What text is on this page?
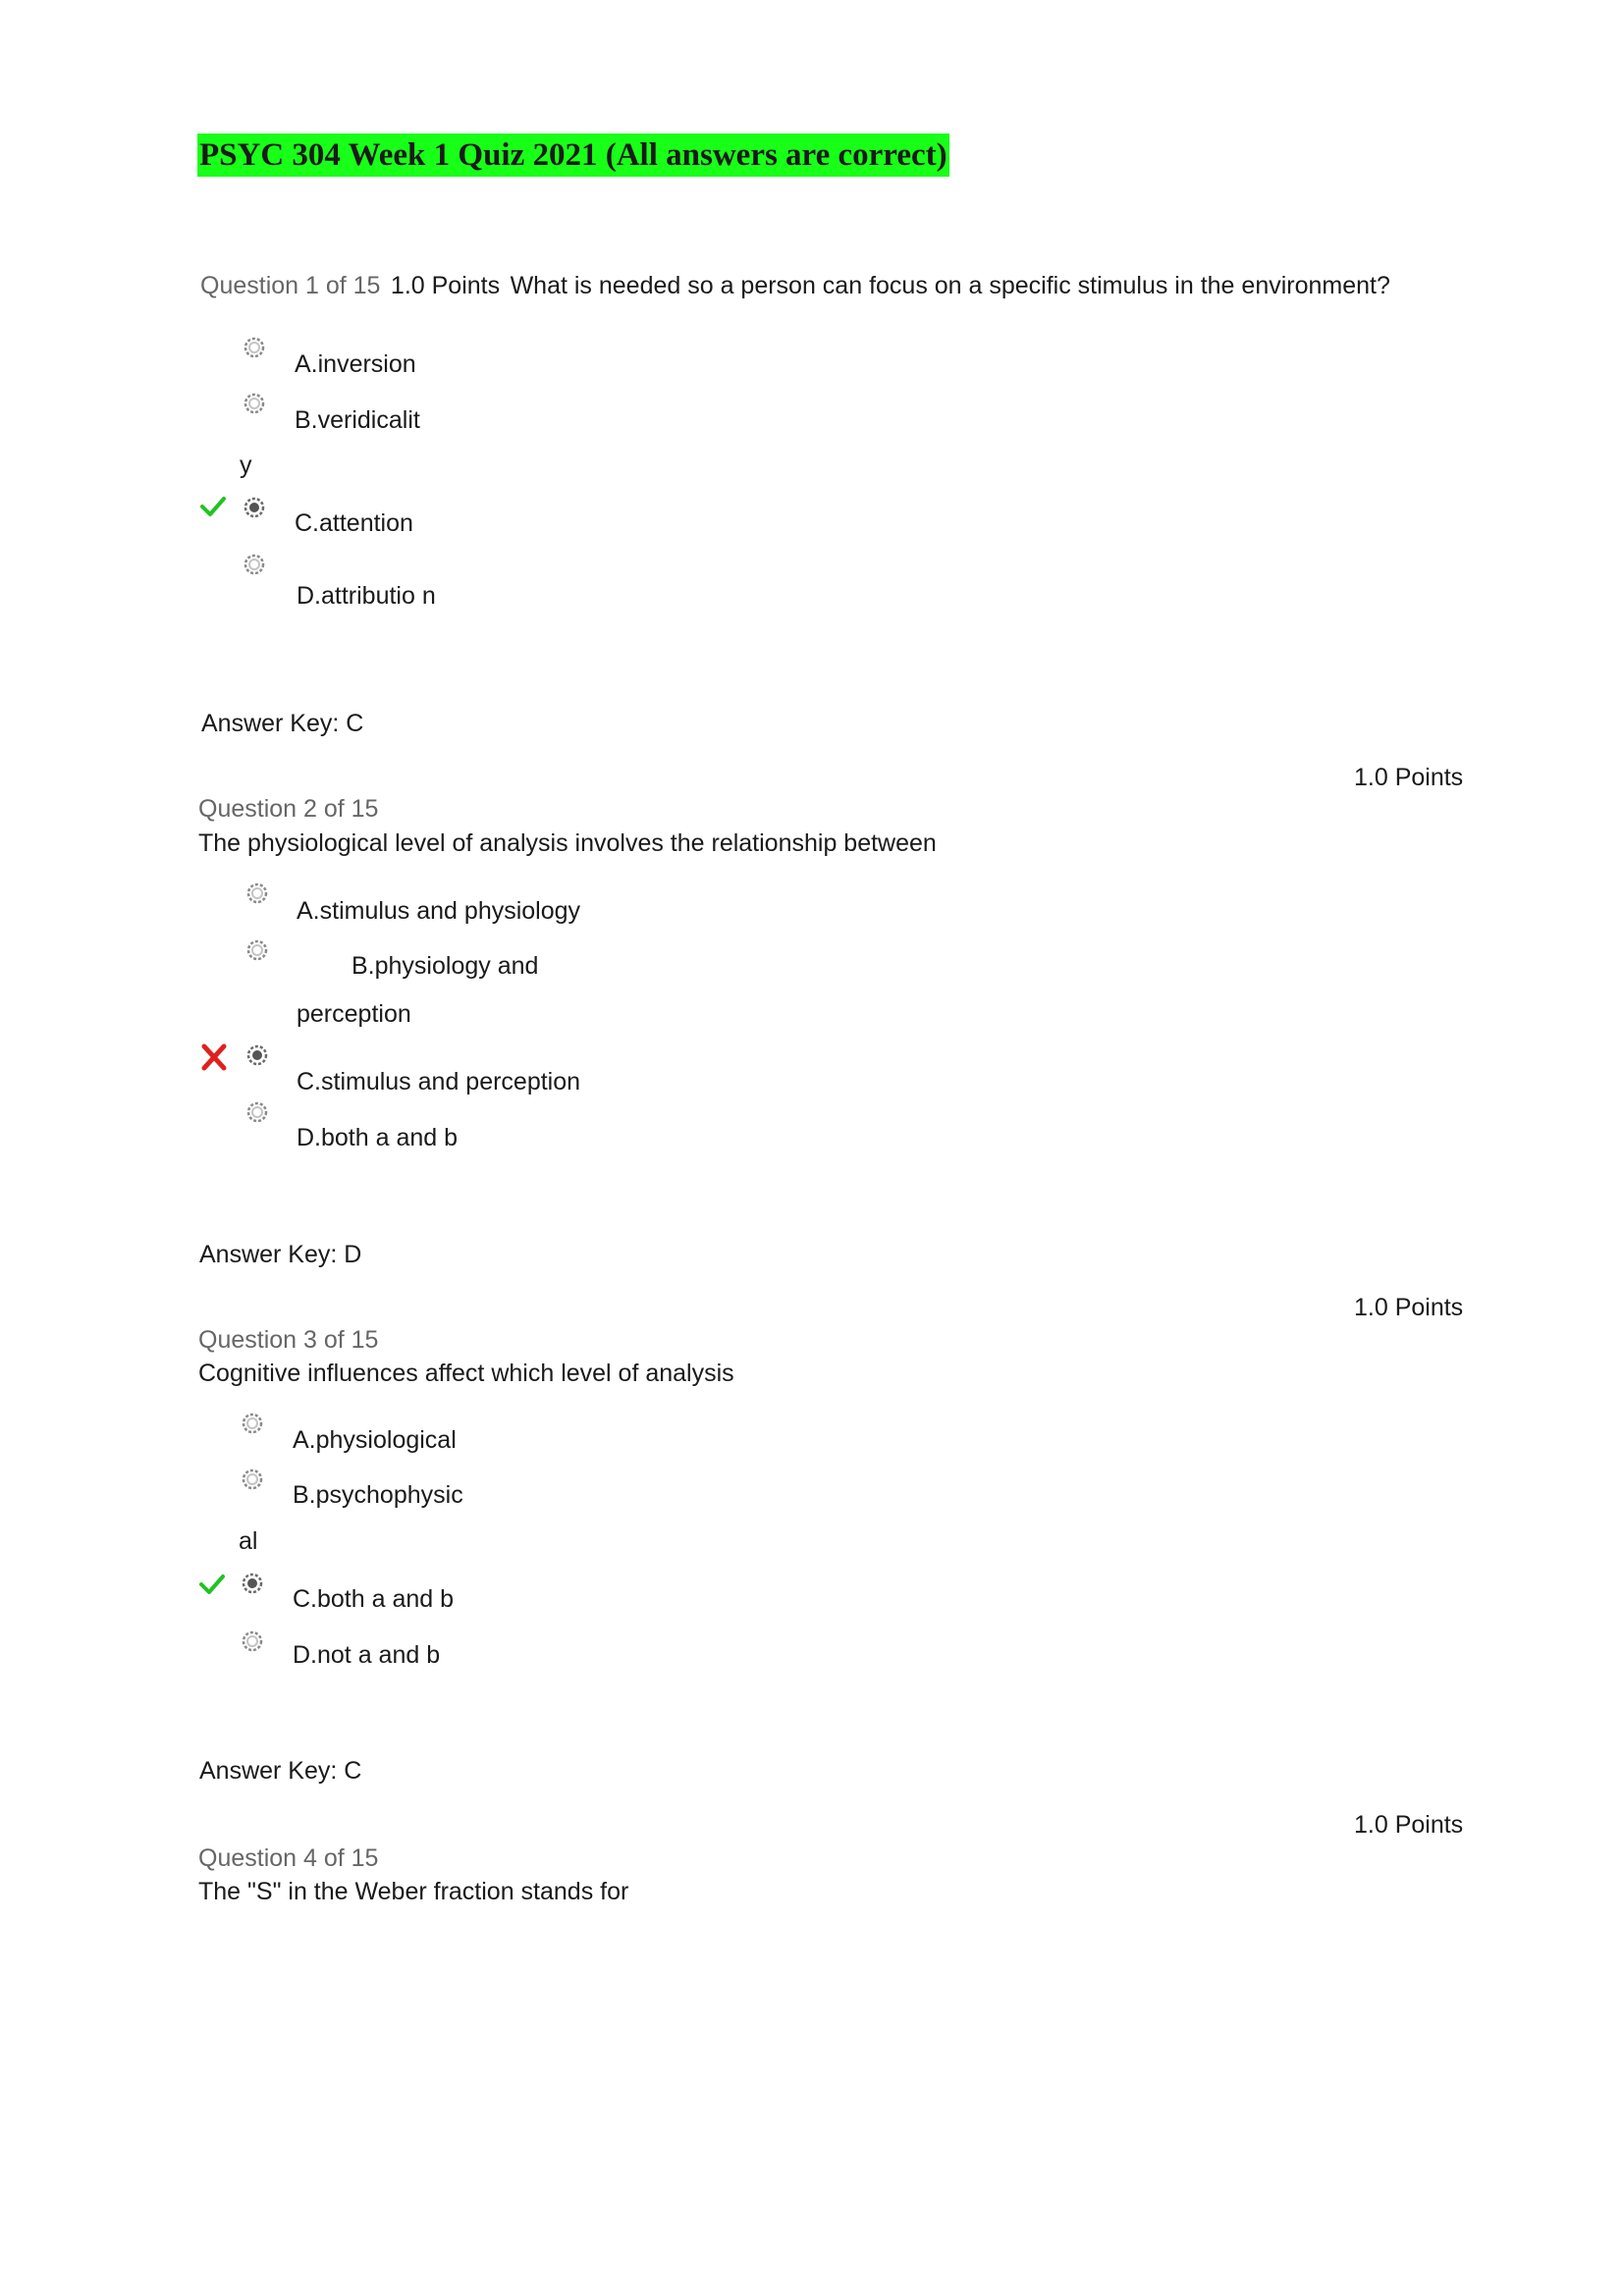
PSYC 304 Week 1 Quiz 2021 (All answers are correct)
Question 1 of 15 1.0 Points What is needed so a person can focus on a specific stimulus in the environment?
A.inversion
B.veridicalit
y
C.attention
D.attributio n
Answer Key: C
1.0 Points
Question 2 of 15
The physiological level of analysis involves the relationship between
A.stimulus and physiology
B.physiology and
perception
C.stimulus and perception
D.both a and b
Answer Key: D
1.0 Points
Question 3 of 15
Cognitive influences affect which level of analysis
A.physiological
B.psychophysic
al
C.both a and b
D.not a and b
Answer Key: C
1.0 Points
Question 4 of 15
The "S" in the Weber fraction stands for
